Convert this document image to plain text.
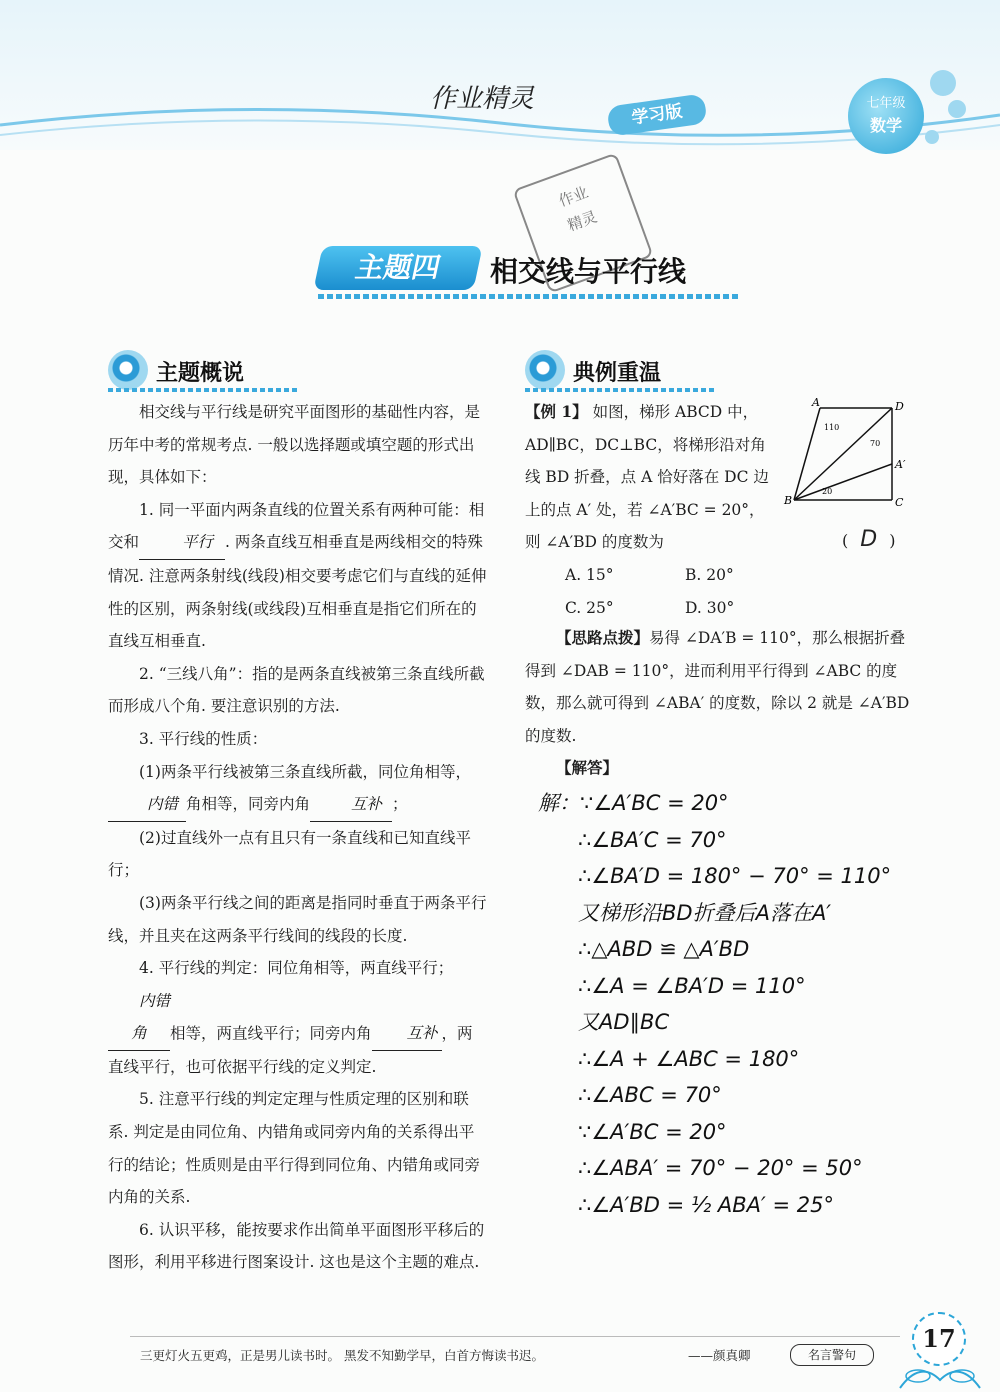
作业精灵
学习版	七年级
数学
作业
精灵
主题四	相交线与平行线
主题概说

相交线与平行线是研究平面图形的基础性内容，是历年中考的常规考点. 一般以选择题或填空题的形式出现，具体如下：

1. 同一平面内两条直线的位置关系有两种可能：相交和	平行 . 两条直线互相垂直是两线相交的特殊情况. 注意两条射线(线段)相交要考虑它们与直线的延伸性的区别，两条射线(或线段)互相垂直是指它们所在的直线互相垂直.

2. “三线八角”：指的是两条直线被第三条直线所截而形成八个角. 要注意识别的方法.

3. 平行线的性质：

(1)两条平行线被第三条直线所截，同位角相等，内错 角相等，同旁内角	互补 ；

(2)过直线外一点有且只有一条直线和已知直线平行；

(3)两条平行线之间的距离是指同时垂直于两条平行线，并且夹在这两条平行线间的线段的长度.

4. 平行线的判定：同位角相等，两直线平行；内错角 相等，两直线平行；同旁内角 互补 ，两直线平行，也可依据平行线的定义判定.

5. 注意平行线的判定定理与性质定理的区别和联系. 判定是由同位角、内错角或同旁内角的关系得出平行的结论；性质则是由平行得到同位角、内错角或同旁内角的关系.

6. 认识平移，能按要求作出简单平面图形平移后的图形，利用平移进行图案设计. 这也是这个主题的难点.

典例重温
A	D
B	C
A′
110
70
20

【例 1】 如图，梯形 ABCD 中，AD∥BC，DC⊥BC，将梯形沿对角线 BD 折叠，点 A 恰好落在 DC 边上的点 A′ 处，若 ∠A′BC = 20°，则 ∠A′BD 的度数为	( D )
A. 15°	B. 20°
C. 25°	D. 30°

【思路点拨】易得 ∠DA′B = 110°，那么根据折叠得到 ∠DAB = 110°，进而利用平行得到 ∠ABC 的度数，那么就可得到 ∠ABA′ 的度数，除以 2 就是 ∠A′BD 的度数.

【解答】

解：∵∠A′BC = 20°
∴∠BA′C = 70°
∴∠BA′D = 180° − 70° = 110°
又梯形沿BD折叠后A落在A′
∴△ABD ≌ △A′BD
∴∠A = ∠BA′D = 110°
又AD∥BC
∴∠A + ∠ABC = 180°
∴∠ABC = 70°
∵∠A′BC = 20°
∴∠ABA′ = 70° − 20° = 50°
∴∠A′BD = ½ ABA′ = 25°
三更灯火五更鸡，正是男儿读书时。 黑发不知勤学早，白首方悔读书迟。	——颜真卿	名言警句
17
